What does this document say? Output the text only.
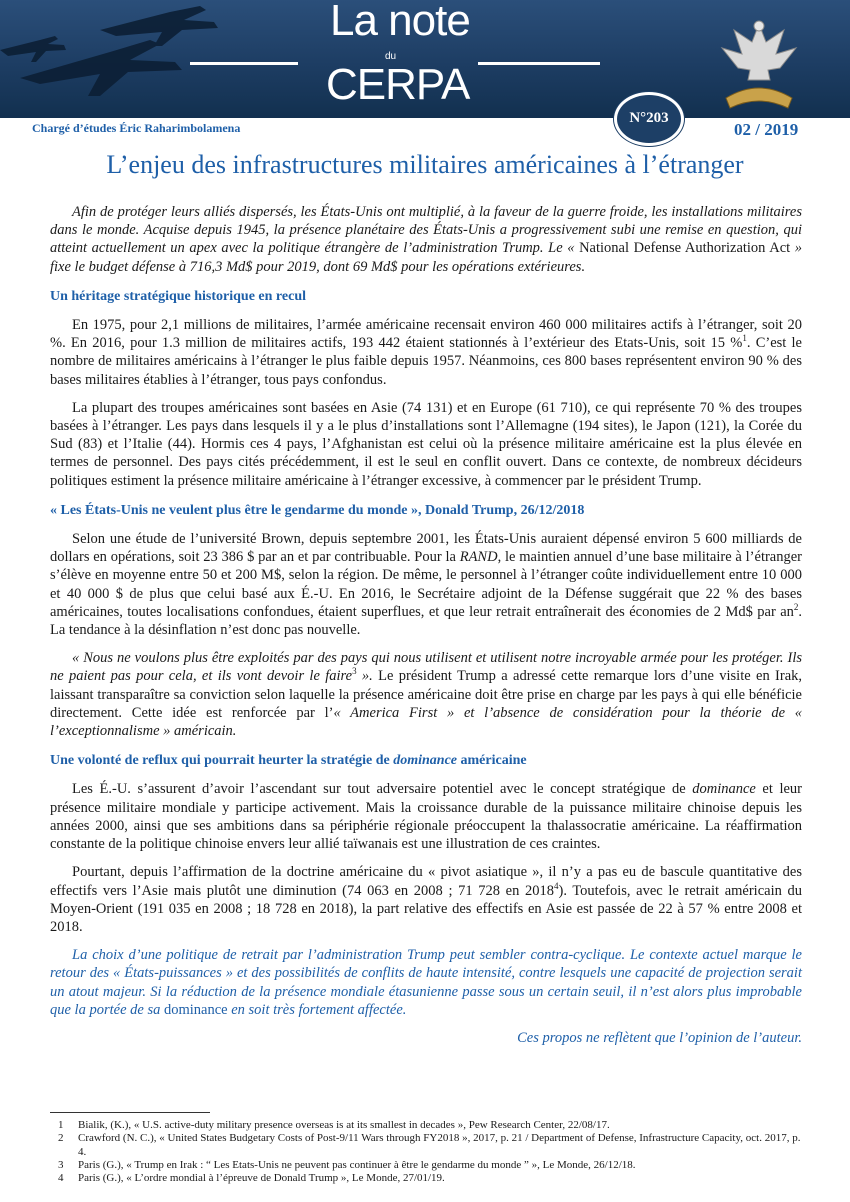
La note
du
CERPA
N°203
Chargé d’études Éric Raharimbolamena	02 / 2019
L’enjeu des infrastructures militaires américaines à l’étranger

Afin de protéger leurs alliés dispersés, les États-Unis ont multiplié, à la faveur de la guerre froide, les installations militaires dans le monde. Acquise depuis 1945, la présence planétaire des États-Unis a progressivement subi une remise en question, qui atteint actuellement un apex avec la politique étrangère de l’administration Trump. Le « National Defense Authorization Act » fixe le budget défense à 716,3 Md$ pour 2019, dont 69 Md$ pour les opérations extérieures.

Un héritage stratégique historique en recul

En 1975, pour 2,1 millions de militaires, l’armée américaine recensait environ 460 000 militaires actifs à l’étranger, soit 20 %. En 2016, pour 1.3 million de militaires actifs, 193 442 étaient stationnés à l’extérieur des Etats-Unis, soit 15 %$^1$. C’est le nombre de militaires américains à l’étranger le plus faible depuis 1957. Néanmoins, ces 800 bases représentent environ 90 % des bases militaires établies à l’étranger, tous pays confondus.

La plupart des troupes américaines sont basées en Asie (74 131) et en Europe (61 710), ce qui représente 70 % des troupes basées à l’étranger. Les pays dans lesquels il y a le plus d’installations sont l’Allemagne (194 sites), le Japon (121), la Corée du Sud (83) et l’Italie (44). Hormis ces 4 pays, l’Afghanistan est celui où la présence militaire américaine est la plus élevée en termes de personnel. Des pays cités précédemment, il est le seul en conflit ouvert. Dans ce contexte, de nombreux décideurs politiques estiment la présence militaire américaine à l’étranger excessive, à commencer par le président Trump.

« Les États-Unis ne veulent plus être le gendarme du monde », Donald Trump, 26/12/2018

Selon une étude de l’université Brown, depuis septembre 2001, les États-Unis auraient dépensé environ 5 600 milliards de dollars en opérations, soit 23 386 $ par an et par contribuable. Pour la RAND, le maintien annuel d’une base militaire à l’étranger s’élève en moyenne entre 50 et 200 M$, selon la région. De même, le personnel à l’étranger coûte individuellement entre 10 000 et 40 000 $ de plus que celui basé aux É.-U. En 2016, le Secrétaire adjoint de la Défense suggérait que 22 % des bases américaines, toutes localisations confondues, étaient superflues, et que leur retrait entraînerait des économies de 2 Md$ par $an^2$. La tendance à la désinflation n’est donc pas nouvelle.

« Nous ne voulons plus être exploités par des pays qui nous utilisent et utilisent notre incroyable armée pour les protéger. Ils ne paient pas pour cela, et ils vont devoir le faire$^3$ ». Le président Trump a adressé cette remarque lors d’une visite en Irak, laissant transparaître sa conviction selon laquelle la présence américaine doit être prise en charge par les pays à qui elle bénéficie directement. Cette idée est renforcée par l’« America First » et l’absence de considération pour la théorie de « l’exceptionnalisme » américain.

Une volonté de reflux qui pourrait heurter la stratégie de dominance américaine

Les É.-U. s’assurent d’avoir l’ascendant sur tout adversaire potentiel avec le concept stratégique de dominance et leur présence militaire mondiale y participe activement. Mais la croissance durable de la puissance militaire chinoise depuis les années 2000, ainsi que ses ambitions dans sa périphérie régionale préoccupent la thalassocratie américaine. La réaffirmation constante de la politique chinoise envers leur allié taïwanais est une illustration de ces craintes.

Pourtant, depuis l’affirmation de la doctrine américaine du « pivot asiatique », il n’y a pas eu de bascule quantitative des effectifs vers l’Asie mais plutôt une diminution (74 063 en 2008 ; 71 728 en 2018$^4$). Toutefois, avec le retrait américain du Moyen-Orient (191 035 en 2008 ; 18 728 en 2018), la part relative des effectifs en Asie est passée de 22 à 57 % entre 2008 et 2018.

La choix d’une politique de retrait par l’administration Trump peut sembler contra-cyclique. Le contexte actuel marque le retour des « États-puissances » et des possibilités de conflits de haute intensité, contre lesquels une capacité de projection serait un atout majeur. Si la réduction de la présence mondiale étasunienne passe sous un certain seuil, il n’est alors plus improbable que la portée de sa dominance en soit très fortement affectée.

Ces propos ne reflètent que l’opinion de l’auteur.

1	Bialik, (K.), « U.S. active-duty military presence overseas is at its smallest in decades », Pew Research Center, 22/08/17.
2	Crawford (N. C.), « United States Budgetary Costs of Post-9/11 Wars through FY2018 », 2017, p. 21 / Department of Defense, Infrastructure Capacity, oct. 2017, p. 4.
3	Paris (G.), « Trump en Irak : “ Les Etats-Unis ne peuvent pas continuer à être le gendarme du monde ” », Le Monde, 26/12/18.
4	Paris (G.), « L’ordre mondial à l’épreuve de Donald Trump », Le Monde, 27/01/19.
